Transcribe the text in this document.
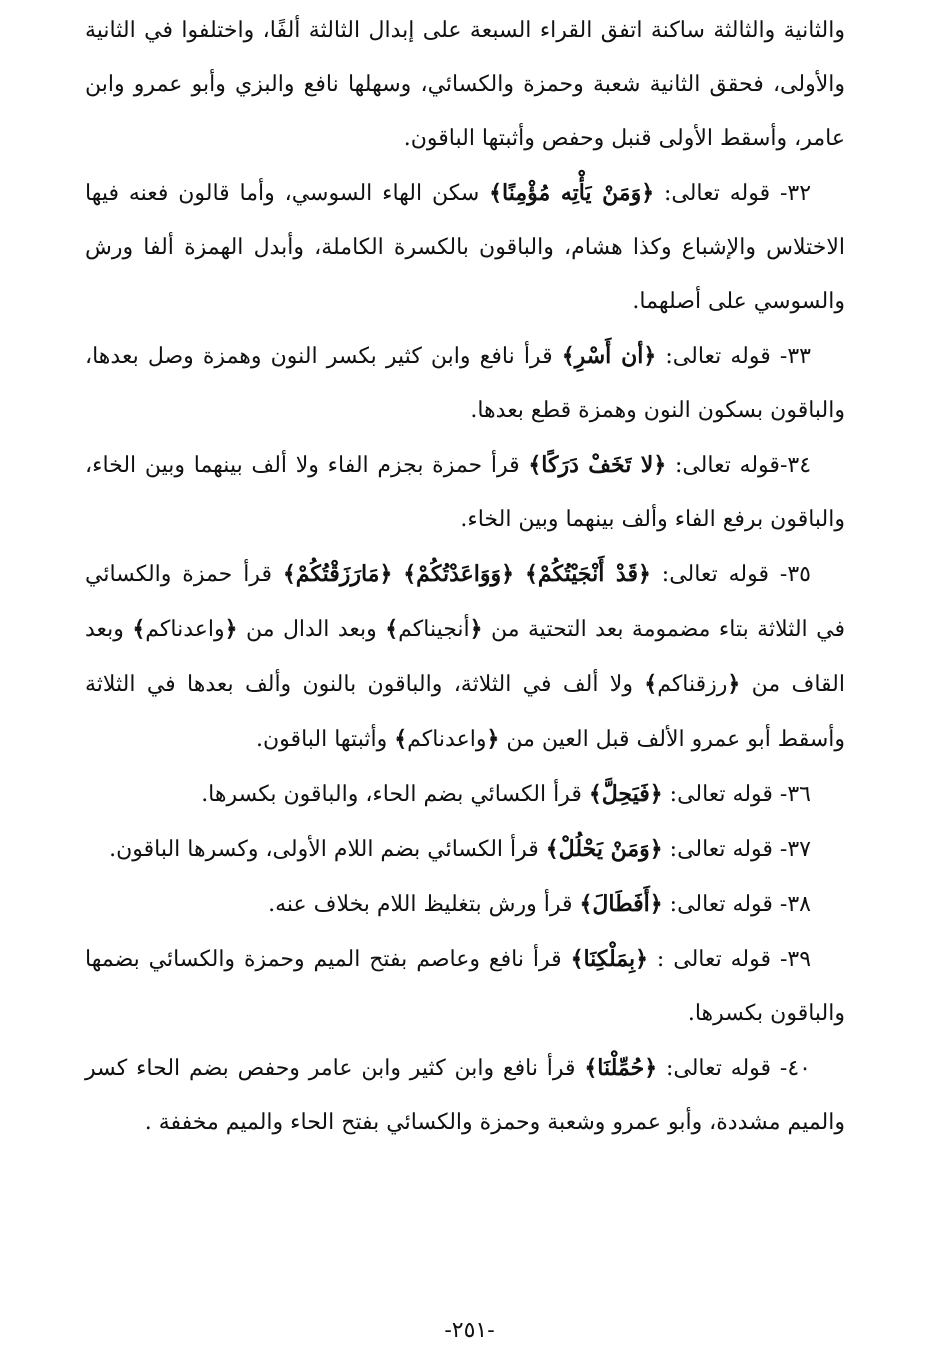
والثانية والثالثة ساكنة اتفق القراء السبعة على إبدال الثالثة ألفًا، واختلفوا في الثانية والأولى، فحقق الثانية شعبة وحمزة والكسائي، وسهلها نافع والبزي وأبو عمرو وابن عامر، وأسقط الأولى قنبل وحفص وأثبتها الباقون.

٣٢- قوله تعالى: ﴿وَمَنْ يَأْتِه مُؤْمِنًا﴾ سكن الهاء السوسي، وأما قالون فعنه فيها الاختلاس والإشباع وكذا هشام، والباقون بالكسرة الكاملة، وأبدل الهمزة ألفا ورش والسوسي على أصلهما.

٣٣- قوله تعالى: ﴿أن أَسْرِ﴾ قرأ نافع وابن كثير بكسر النون وهمزة وصل بعدها، والباقون بسكون النون وهمزة قطع بعدها.

٣٤-قوله تعالى: ﴿لا تَخَفْ دَرَكًا﴾ قرأ حمزة بجزم الفاء ولا ألف بينهما وبين الخاء، والباقون برفع الفاء وألف بينهما وبين الخاء.

٣٥- قوله تعالى: ﴿قَدْ أَنْجَيْتُكُمْ﴾ ﴿وَوَاعَدْتُكُمْ﴾ ﴿مَارَزَقْتُكُمْ﴾ قرأ حمزة والكسائي في الثلاثة بتاء مضمومة بعد التحتية من ﴿أنجيناكم﴾ وبعد الدال من ﴿واعدناكم﴾ وبعد القاف من ﴿رزقناكم﴾ ولا ألف في الثلاثة، والباقون بالنون وألف بعدها في الثلاثة وأسقط أبو عمرو الألف قبل العين من ﴿واعدناكم﴾ وأثبتها الباقون.

٣٦- قوله تعالى: ﴿فَيَحِلَّ﴾ قرأ الكسائي بضم الحاء، والباقون بكسرها.

٣٧- قوله تعالى: ﴿وَمَنْ يَحْلُلْ﴾ قرأ الكسائي بضم اللام الأولى، وكسرها الباقون.

٣٨- قوله تعالى: ﴿أَفَطَالَ﴾ قرأ ورش بتغليظ اللام بخلاف عنه.

٣٩- قوله تعالى : ﴿بِمَلْكِنَا﴾ قرأ نافع وعاصم بفتح الميم وحمزة والكسائي بضمها والباقون بكسرها.

٤٠- قوله تعالى: ﴿حُمِّلْنَا﴾ قرأ نافع وابن كثير وابن عامر وحفص بضم الحاء كسر والميم مشددة، وأبو عمرو وشعبة وحمزة والكسائي بفتح الحاء والميم مخففة .

-٢٥١-
